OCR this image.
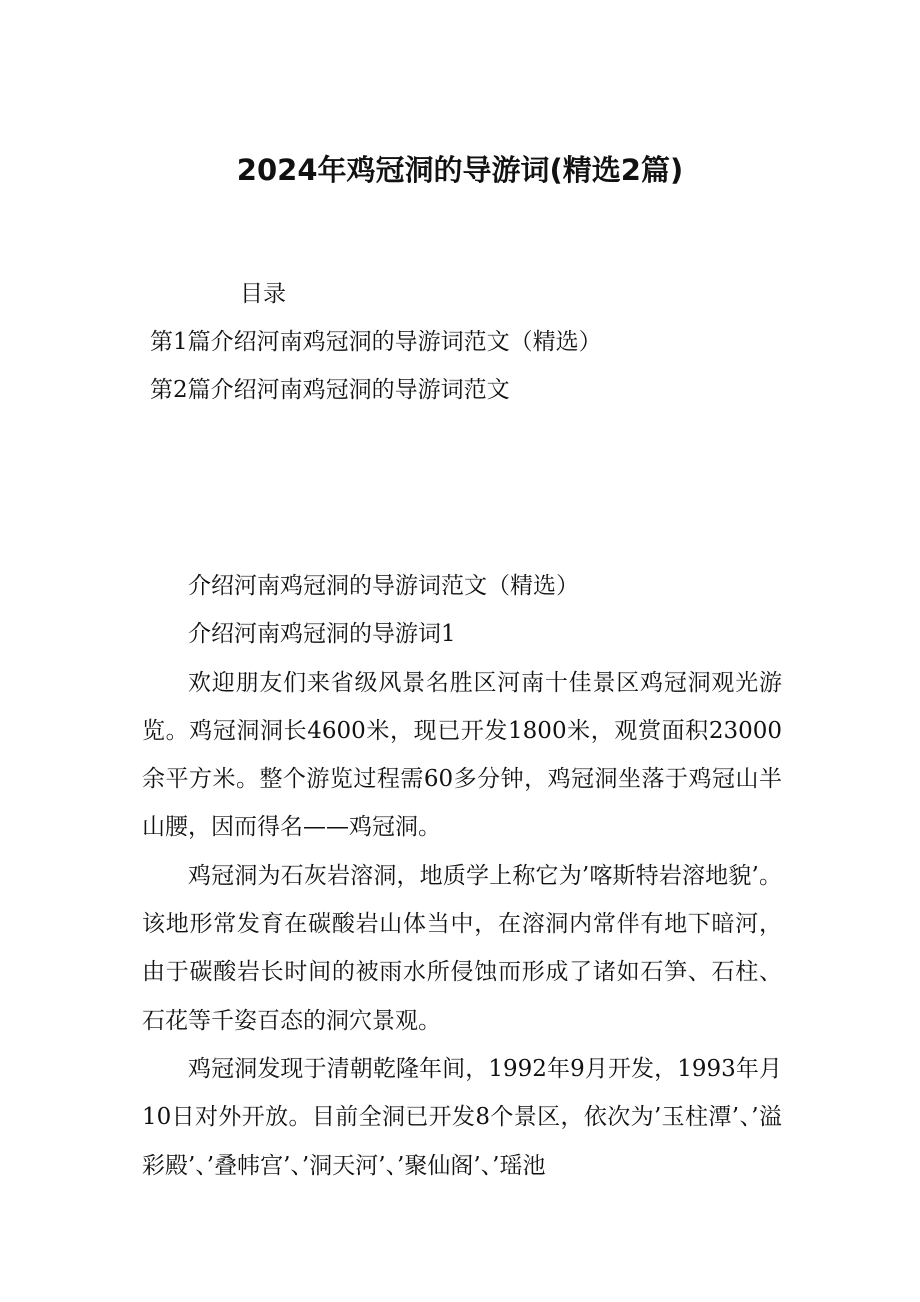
2024年鸡冠洞的导游词(精选2篇)
目录
第1篇介绍河南鸡冠洞的导游词范文（精选）
第2篇介绍河南鸡冠洞的导游词范文

介绍河南鸡冠洞的导游词范文（精选）

介绍河南鸡冠洞的导游词1

欢迎朋友们来省级风景名胜区河南十佳景区鸡冠洞观光游览。鸡冠洞洞长4600米，现已开发1800米，观赏面积23000余平方米。整个游览过程需60多分钟，鸡冠洞坐落于鸡冠山半山腰，因而得名——鸡冠洞。

鸡冠洞为石灰岩溶洞，地质学上称它为’喀斯特岩溶地貌’。该地形常发育在碳酸岩山体当中，在溶洞内常伴有地下暗河，由于碳酸岩长时间的被雨水所侵蚀而形成了诸如石笋、石柱、石花等千姿百态的洞穴景观。

鸡冠洞发现于清朝乾隆年间，1992年9月开发，1993年月10日对外开放。目前全洞已开发8个景区，依次为’玉柱潭’、’溢彩殿’、’叠帏宫’、’洞天河’、’聚仙阁’、’瑶池
